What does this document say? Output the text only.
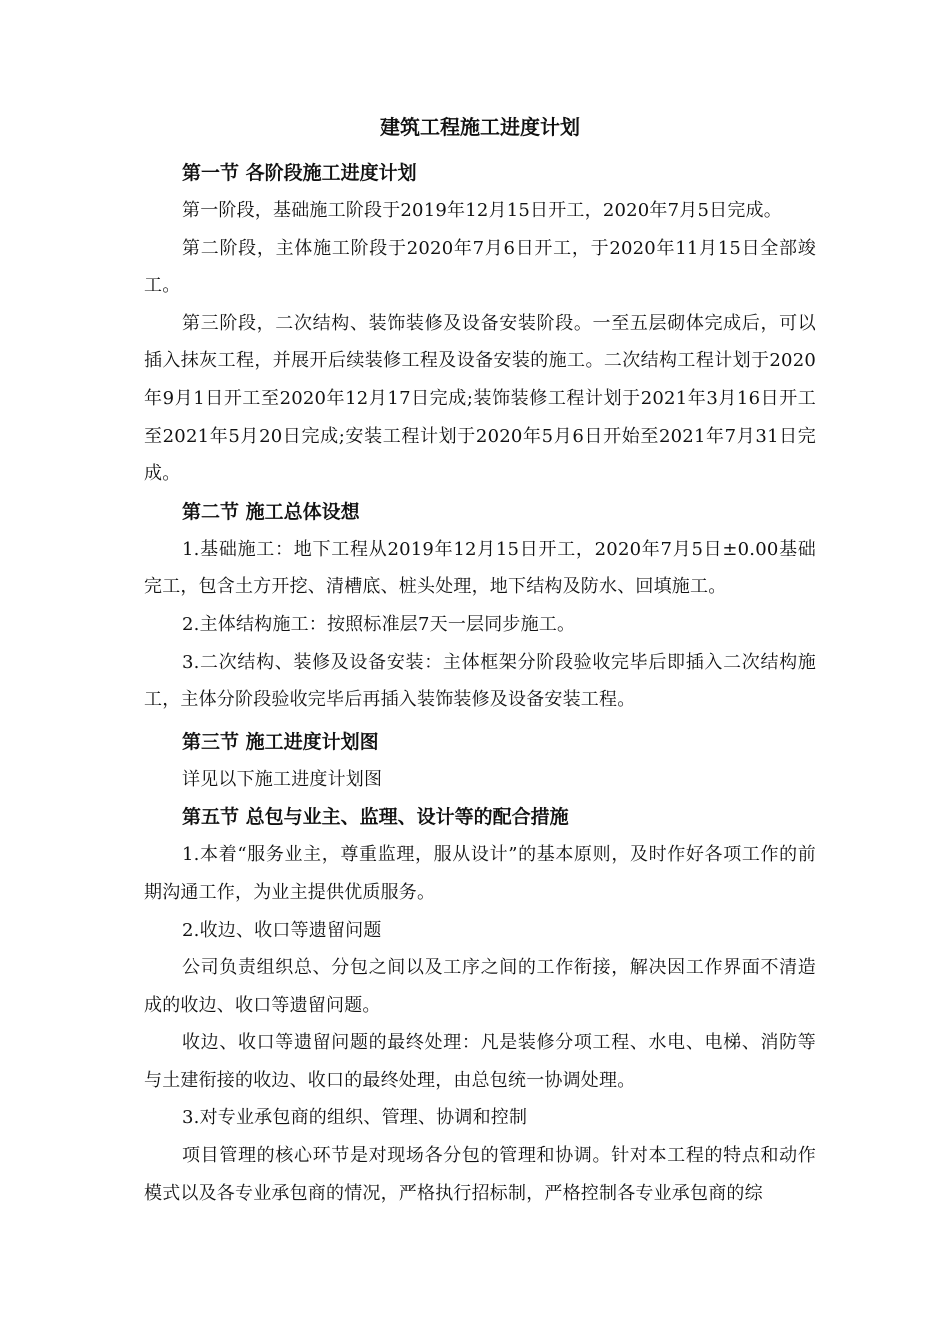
建筑工程施工进度计划
第一节 各阶段施工进度计划

第一阶段，基础施工阶段于2019年12月15日开工，2020年7月5日完成。

第二阶段，主体施工阶段于2020年7月6日开工，于2020年11月15日全部竣工。

第三阶段，二次结构、装饰装修及设备安装阶段。一至五层砌体完成后，可以插入抹灰工程，并展开后续装修工程及设备安装的施工。二次结构工程计划于2020年9月1日开工至2020年12月17日完成;装饰装修工程计划于2021年3月16日开工至2021年5月20日完成;安装工程计划于2020年5月6日开始至2021年7月31日完成。

第二节 施工总体设想

1.基础施工：地下工程从2019年12月15日开工，2020年7月5日±0.00基础完工，包含土方开挖、清槽底、桩头处理，地下结构及防水、回填施工。

2.主体结构施工：按照标准层7天一层同步施工。

3.二次结构、装修及设备安装：主体框架分阶段验收完毕后即插入二次结构施工，主体分阶段验收完毕后再插入装饰装修及设备安装工程。

第三节 施工进度计划图

详见以下施工进度计划图

第五节 总包与业主、监理、设计等的配合措施

1.本着“服务业主，尊重监理，服从设计”的基本原则，及时作好各项工作的前期沟通工作，为业主提供优质服务。

2.收边、收口等遗留问题

公司负责组织总、分包之间以及工序之间的工作衔接，解决因工作界面不清造成的收边、收口等遗留问题。

收边、收口等遗留问题的最终处理：凡是装修分项工程、水电、电梯、消防等与土建衔接的收边、收口的最终处理，由总包统一协调处理。

3.对专业承包商的组织、管理、协调和控制

项目管理的核心环节是对现场各分包的管理和协调。针对本工程的特点和动作模式以及各专业承包商的情况，严格执行招标制，严格控制各专业承包商的综
